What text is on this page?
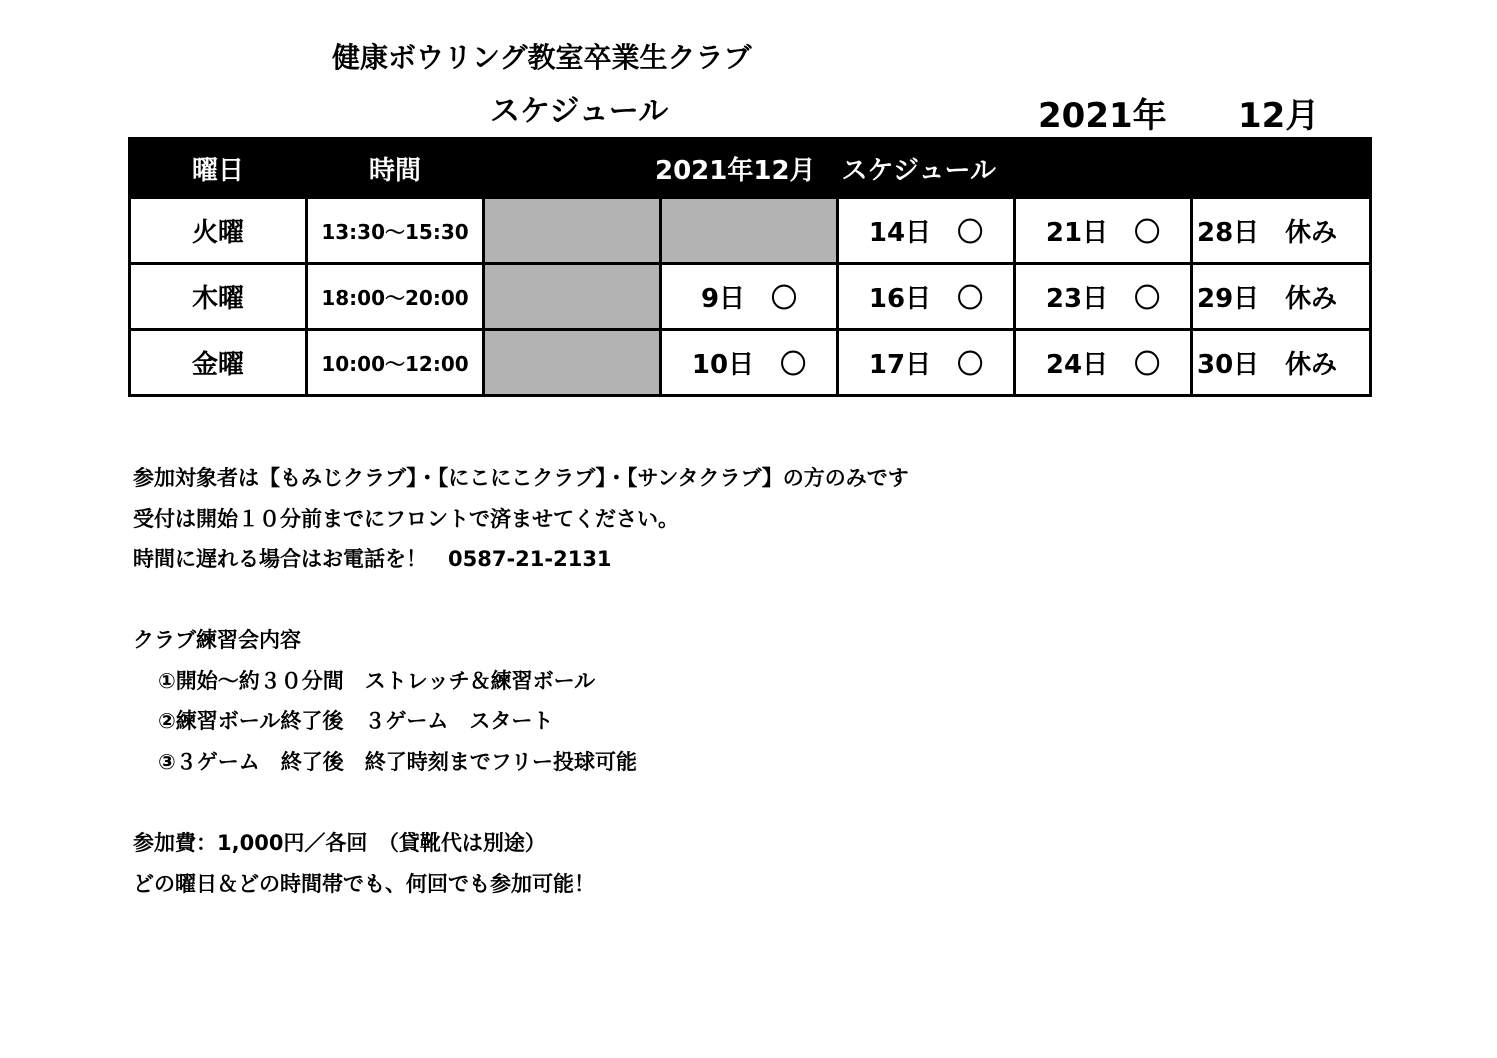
健康ボウリング教室卒業生クラブ
スケジュール	2021年 12月
曜日	時間	2021年12月　スケジュール				
火曜	13:30～15:30			14日　〇	21日　〇	28日　休み
木曜	18:00～20:00		9日　〇	16日　〇	23日　〇	29日　休み
金曜	10:00～12:00		10日　〇	17日　〇	24日　〇	30日　休み
参加対象者は【もみじクラブ】・【にこにこクラブ】・【サンタクラブ】の方のみです
受付は開始１０分前までにフロントで済ませてください。
時間に遅れる場合はお電話を！　0587-21-2131
クラブ練習会内容
①開始～約３０分間　ストレッチ＆練習ボール
②練習ボール終了後　３ゲーム　スタート
③３ゲーム　終了後　終了時刻までフリー投球可能
参加費：1,000円／各回　（貸靴代は別途）
どの曜日＆どの時間帯でも、何回でも参加可能！
